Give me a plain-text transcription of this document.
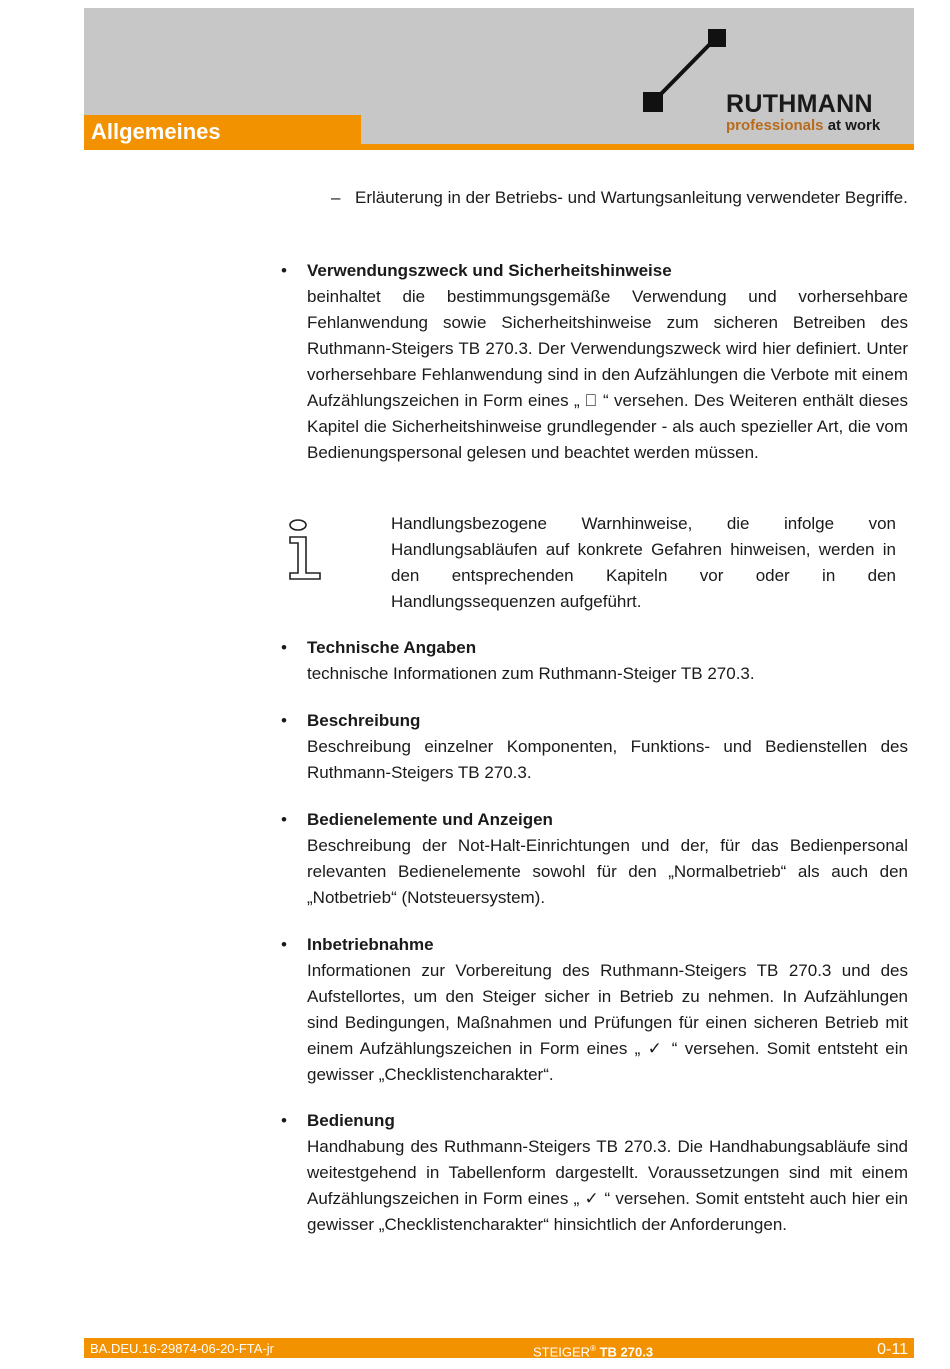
Allgemeines
RUTHMANN
professionals at work
– Erläuterung in der Betriebs- und Wartungsanleitung verwendeter Begriffe.

• Verwendungszweck und Sicherheitshinweise

beinhaltet die bestimmungsgemäße Verwendung und vorhersehbare Fehlanwendung sowie Sicherheitshinweise zum sicheren Betreiben des Ruthmann-Steigers TB 270.3. Der Verwendungszweck wird hier definiert. Unter vorhersehbare Fehlanwendung sind in den Aufzählungen die Verbote mit einem Aufzählungszeichen in Form eines „ ⃠ “ versehen. Des Weiteren enthält dieses Kapitel die Sicherheitshinweise grundlegender - als auch spezieller Art, die vom Bedienungspersonal gelesen und beachtet werden müssen.

Handlungsbezogene Warnhinweise, die infolge von Handlungsabläufen auf konkrete Gefahren hinweisen, werden in den entsprechenden Kapiteln vor oder in den Handlungssequenzen aufgeführt.

• Technische Angaben

technische Informationen zum Ruthmann-Steiger TB 270.3.

• Beschreibung

Beschreibung einzelner Komponenten, Funktions- und Bedienstellen des Ruthmann-Steigers TB 270.3.

• Bedienelemente und Anzeigen

Beschreibung der Not-Halt-Einrichtungen und der, für das Bedienpersonal relevanten Bedienelemente sowohl für den „Normalbetrieb“ als auch den „Notbetrieb“ (Notsteuersystem).

• Inbetriebnahme

Informationen zur Vorbereitung des Ruthmann-Steigers TB 270.3 und des Aufstellortes, um den Steiger sicher in Betrieb zu nehmen. In Aufzählungen sind Bedingungen, Maßnahmen und Prüfungen für einen sicheren Betrieb mit einem Aufzählungszeichen in Form eines „ ✓ “ versehen. Somit entsteht ein gewisser „Checklistencharakter“.

• Bedienung

Handhabung des Ruthmann-Steigers TB 270.3. Die Handhabungsabläufe sind weitestgehend in Tabellenform dargestellt. Voraussetzungen sind mit einem Aufzählungszeichen in Form eines „ ✓ “ versehen. Somit entsteht auch hier ein gewisser „Checklistencharakter“ hinsichtlich der Anforderungen.

BA.DEU.16-29874-06-20-FTA-jr	STEIGER® TB 270.3	0-11
